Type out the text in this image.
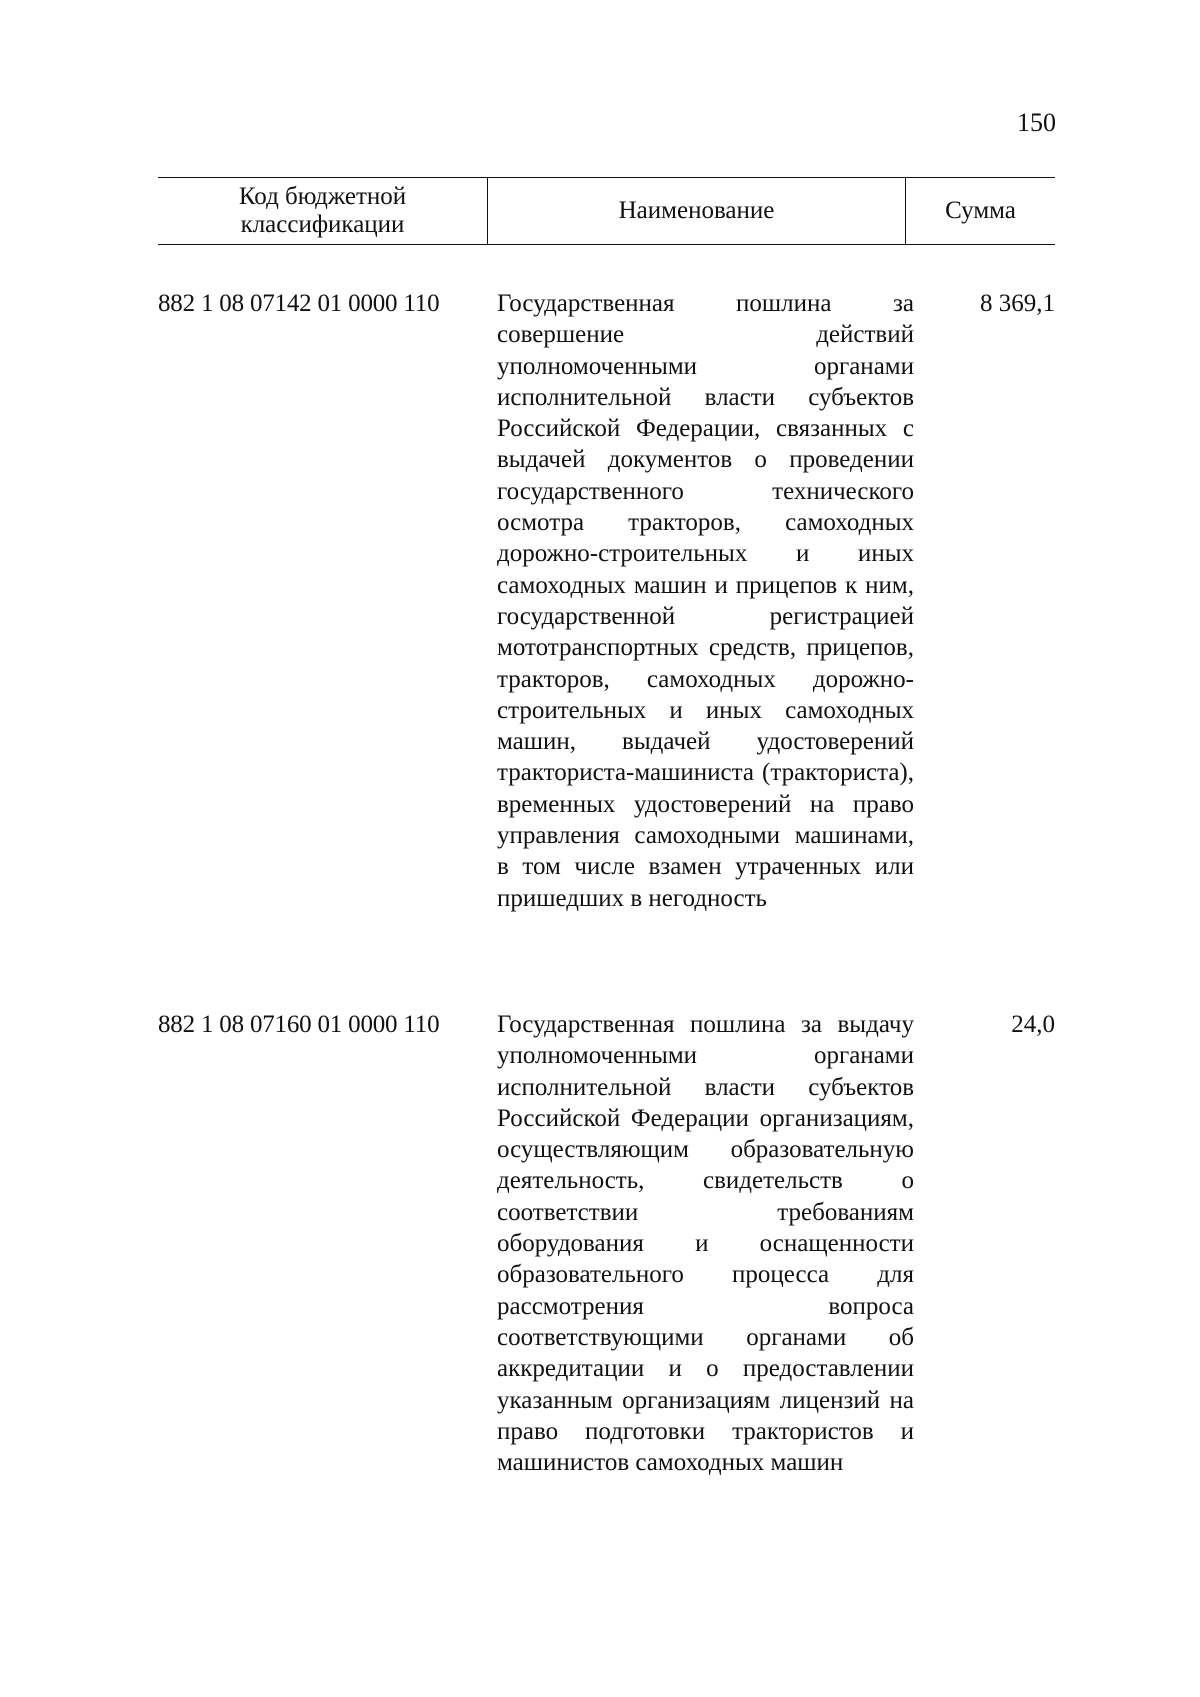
150
Код бюджетной классификации
Наименование	Сумма
882 1 08 07142 01 0000 110 Государственная пошлина за совершение действий уполномоченными органами исполнительной власти субъектов Российской Федерации, связанных с выдачей документов о проведении государственного технического осмотра тракторов, самоходных дорожно-строительных и иных самоходных машин и прицепов к ним, государственной регистрацией мототранспортных средств, прицепов, тракторов, самоходных дорожно-строительных и иных самоходных машин, выдачей удостоверений тракториста-машиниста (тракториста), временных удостоверений на право управления самоходными машинами, в том числе взамен утраченных или пришедших в негодность
8 369,1
882 1 08 07160 01 0000 110 Государственная пошлина за выдачу уполномоченными органами исполнительной власти субъектов Российской Федерации организациям, осуществляющим образовательную деятельность, свидетельств о соответствии требованиям оборудования и оснащенности образовательного процесса для рассмотрения вопроса соответствующими органами об аккредитации и о предоставлении указанным организациям лицензий на право подготовки трактористов и машинистов самоходных машин
24,0
